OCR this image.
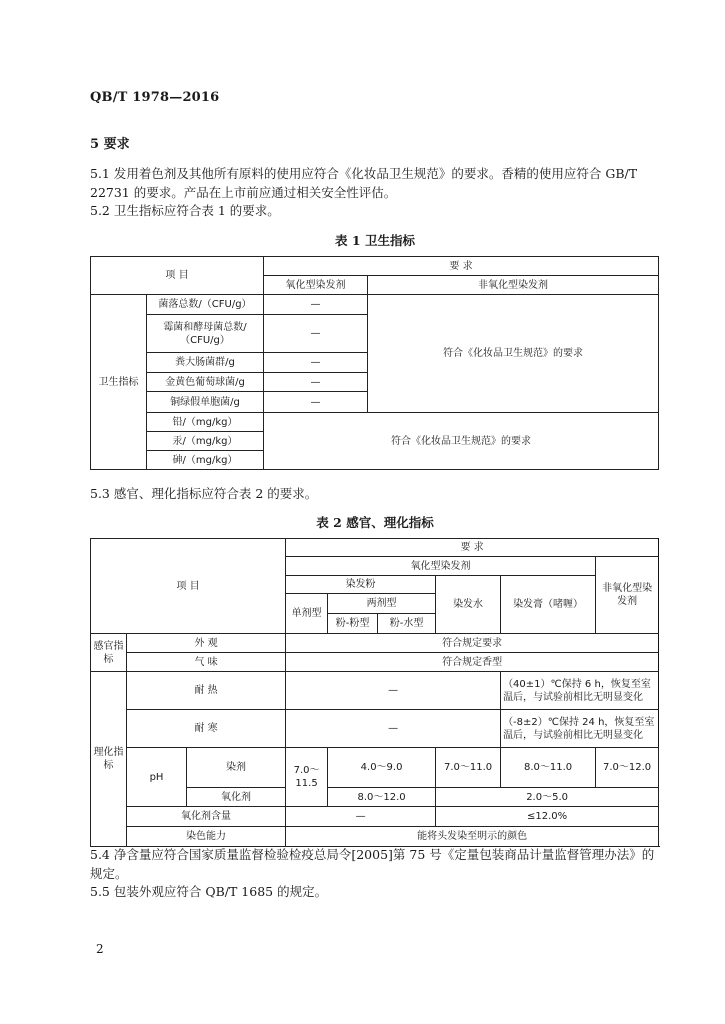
QB/T 1978—2016
5 要求
5.1 发用着色剂及其他所有原料的使用应符合《化妆品卫生规范》的要求。香精的使用应符合 GB/T 22731 的要求。产品在上市前应通过相关安全性评估。
5.2 卫生指标应符合表 1 的要求。
表 1 卫生指标
项 目		要 求	
		氧化型染发剂	非氧化型染发剂
卫生指标	菌落总数/（CFU/g）	—	符合《化妆品卫生规范》的要求
	霉菌和酵母菌总数/（CFU/g）	—	
	粪大肠菌群/g	—	
	金黄色葡萄球菌/g	—	
	铜绿假单胞菌/g	—	
	铅/（mg/kg）	符合《化妆品卫生规范》的要求	
	汞/（mg/kg）		
	砷/（mg/kg）		
5.3 感官、理化指标应符合表 2 的要求。
表 2 感官、理化指标
项 目			要 求						
			氧化型染发剂					非氧化型染发剂	
			染发粉			染发水	染发膏（啫喱）		
			单剂型	两剂型					
				粉-粉型	粉-水型				
感官指标	外 观		符合规定要求						
	气 味		符合规定香型						
理化指标	耐 热		—				（40±1）℃保持 6 h，恢复至室温后，与试验前相比无明显变化		
	耐 寒		—				（-8±2）℃保持 24 h，恢复至室温后，与试验前相比无明显变化		
	pH	染剂	7.0～11.5	4.0～9.0		7.0～11.0	8.0～11.0	7.0～12.0	
		氧化剂		8.0～12.0		2.0～5.0	
	氧化剂含量		—			≤12.0%	
	染色能力		能将头发染至明示的颜色						
5.4 净含量应符合国家质量监督检验检疫总局令[2005]第 75 号《定量包装商品计量监督管理办法》的规定。
5.5 包装外观应符合 QB/T 1685 的规定。
2
